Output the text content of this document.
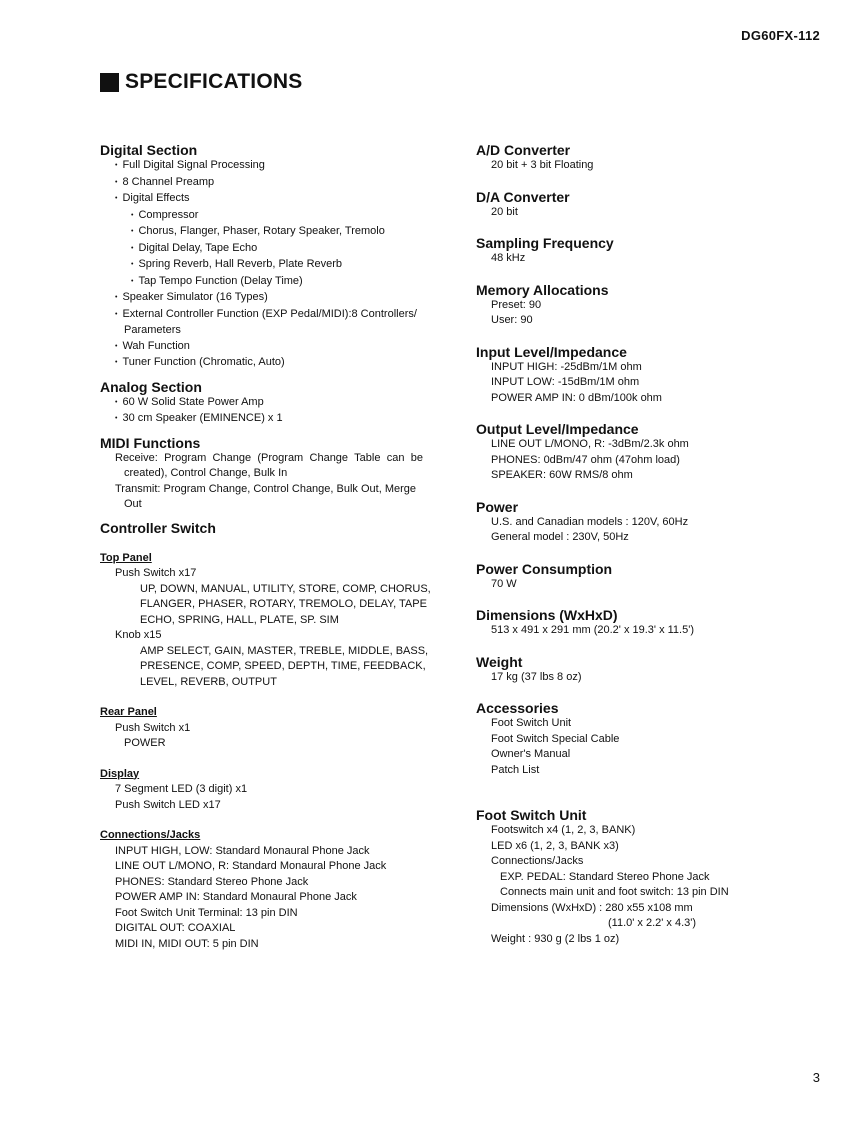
DG60FX-112
SPECIFICATIONS

Digital Section

• Full Digital Signal Processing

• 8 Channel Preamp

• Digital Effects

• Compressor

• Chorus, Flanger, Phaser, Rotary Speaker, Tremolo

• Digital Delay, Tape Echo

• Spring Reverb, Hall Reverb, Plate Reverb

• Tap Tempo Function (Delay Time)

• Speaker Simulator (16 Types)

• External Controller Function (EXP Pedal/MIDI):8 Controllers/

Parameters

• Wah Function

• Tuner Function (Chromatic, Auto)

Analog Section

• 60 W Solid State Power Amp

• 30 cm Speaker (EMINENCE) x 1

MIDI Functions

Receive: Program Change (Program Change Table can be

created), Control Change, Bulk In

Transmit: Program Change, Control Change, Bulk Out, Merge

Out

Controller Switch

Top Panel

Push Switch x17

UP, DOWN, MANUAL, UTILITY, STORE, COMP, CHORUS,

FLANGER, PHASER, ROTARY, TREMOLO, DELAY, TAPE

ECHO, SPRING, HALL, PLATE, SP. SIM

Knob x15

AMP SELECT, GAIN, MASTER, TREBLE, MIDDLE, BASS,

PRESENCE, COMP, SPEED, DEPTH, TIME, FEEDBACK,

LEVEL, REVERB, OUTPUT

Rear Panel

Push Switch x1

POWER

Display

7 Segment LED (3 digit) x1

Push Switch LED x17

Connections/Jacks

INPUT HIGH, LOW: Standard Monaural Phone Jack

LINE OUT L/MONO, R: Standard Monaural Phone Jack

PHONES: Standard Stereo Phone Jack

POWER AMP IN: Standard Monaural Phone Jack

Foot Switch Unit Terminal: 13 pin DIN

DIGITAL OUT: COAXIAL

MIDI IN, MIDI OUT: 5 pin DIN

A/D Converter

20 bit + 3 bit Floating

D/A Converter

20 bit

Sampling Frequency

48 kHz

Memory Allocations

Preset: 90

User: 90

Input Level/Impedance

INPUT HIGH: -25dBm/1M ohm

INPUT LOW: -15dBm/1M ohm

POWER AMP IN: 0 dBm/100k ohm

Output Level/Impedance

LINE OUT L/MONO, R: -3dBm/2.3k ohm

PHONES: 0dBm/47 ohm (47ohm load)

SPEAKER: 60W RMS/8 ohm

Power

U.S. and Canadian models : 120V, 60Hz

General model : 230V, 50Hz

Power Consumption

70 W

Dimensions (WxHxD)

513 x 491 x 291 mm (20.2' x 19.3' x 11.5')

Weight

17 kg (37 lbs 8 oz)

Accessories

Foot Switch Unit

Foot Switch Special Cable

Owner's Manual

Patch List

Foot Switch Unit

Footswitch x4 (1, 2, 3, BANK)

LED x6 (1, 2, 3, BANK x3)

Connections/Jacks

EXP. PEDAL: Standard Stereo Phone Jack

Connects main unit and foot switch: 13 pin DIN

Dimensions (WxHxD) : 280 x55 x108 mm

(11.0' x 2.2' x 4.3')

Weight : 930 g (2 lbs 1 oz)

3
